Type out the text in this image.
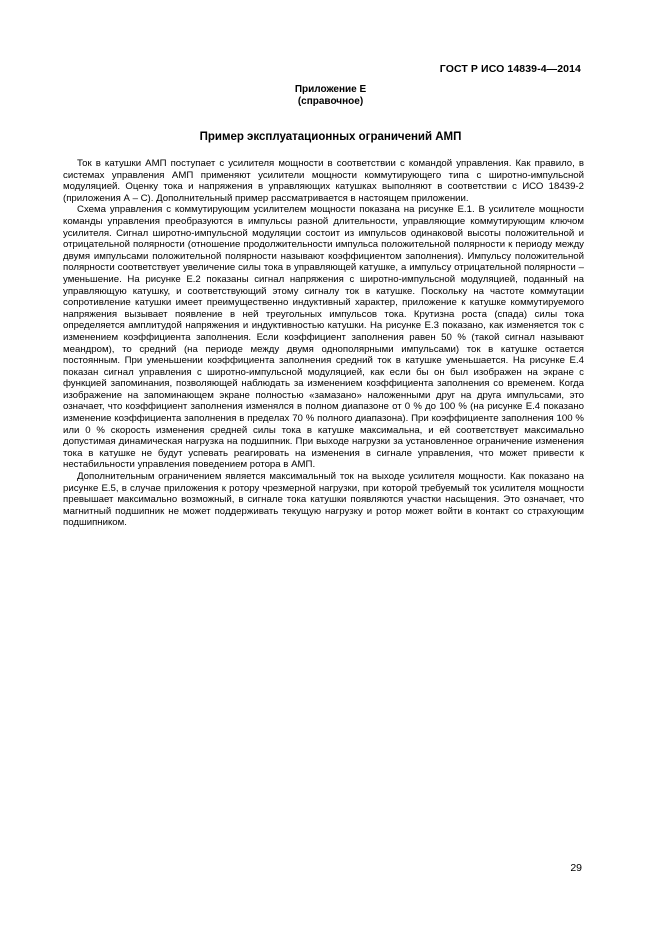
ГОСТ Р ИСО 14839-4—2014
Приложение Е
(справочное)
Пример эксплуатационных ограничений АМП

Ток в катушки АМП поступает с усилителя мощности в соответствии с командой управления. Как правило, в системах управления АМП применяют усилители мощности коммутирующего типа с широтно-импульсной модуляцией. Оценку тока и напряжения в управляющих катушках выполняют в соответствии с ИСО 18439-2 (приложения А – С). Дополнительный пример рассматривается в настоящем приложении.

Схема управления с коммутирующим усилителем мощности показана на рисунке Е.1. В усилителе мощности команды управления преобразуются в импульсы разной длительности, управляющие коммутирующим ключом усилителя. Сигнал широтно-импульсной модуляции состоит из импульсов одинаковой высоты положительной и отрицательной полярности (отношение продолжительности импульса положительной полярности к периоду между двумя импульсами положительной полярности называют коэффициентом заполнения). Импульсу положительной полярности соответствует увеличение силы тока в управляющей катушке, а импульсу отрицательной полярности – уменьшение. На рисунке Е.2 показаны сигнал напряжения с широтно-импульсной модуляцией, поданный на управляющую катушку, и соответствующий этому сигналу ток в катушке. Поскольку на частоте коммутации сопротивление катушки имеет преимущественно индуктивный характер, приложение к катушке коммутируемого напряжения вызывает появление в ней треугольных импульсов тока. Крутизна роста (спада) силы тока определяется амплитудой напряжения и индуктивностью катушки. На рисунке Е.3 показано, как изменяется ток с изменением коэффициента заполнения. Если коэффициент заполнения равен 50 % (такой сигнал называют меандром), то средний (на периоде между двумя однополярными импульсами) ток в катушке остается постоянным. При уменьшении коэффициента заполнения средний ток в катушке уменьшается. На рисунке Е.4 показан сигнал управления с широтно-импульсной модуляцией, как если бы он был изображен на экране с функцией запоминания, позволяющей наблюдать за изменением коэффициента заполнения со временем. Когда изображение на запоминающем экране полностью «замазано» наложенными друг на друга импульсами, это означает, что коэффициент заполнения изменялся в полном диапазоне от 0 % до 100 % (на рисунке Е.4 показано изменение коэффициента заполнения в пределах 70 % полного диапазона). При коэффициенте заполнения 100 % или 0 % скорость изменения средней силы тока в катушке максимальна, и ей соответствует максимально допустимая динамическая нагрузка на подшипник. При выходе нагрузки за установленное ограничение изменения тока в катушке не будут успевать реагировать на изменения в сигнале управления, что может привести к нестабильности управления поведением ротора в АМП.

Дополнительным ограничением является максимальный ток на выходе усилителя мощности. Как показано на рисунке Е.5, в случае приложения к ротору чрезмерной нагрузки, при которой требуемый ток усилителя мощности превышает максимально возможный, в сигнале тока катушки появляются участки насыщения. Это означает, что магнитный подшипник не может поддерживать текущую нагрузку и ротор может войти в контакт со страхующим подшипником.

29
